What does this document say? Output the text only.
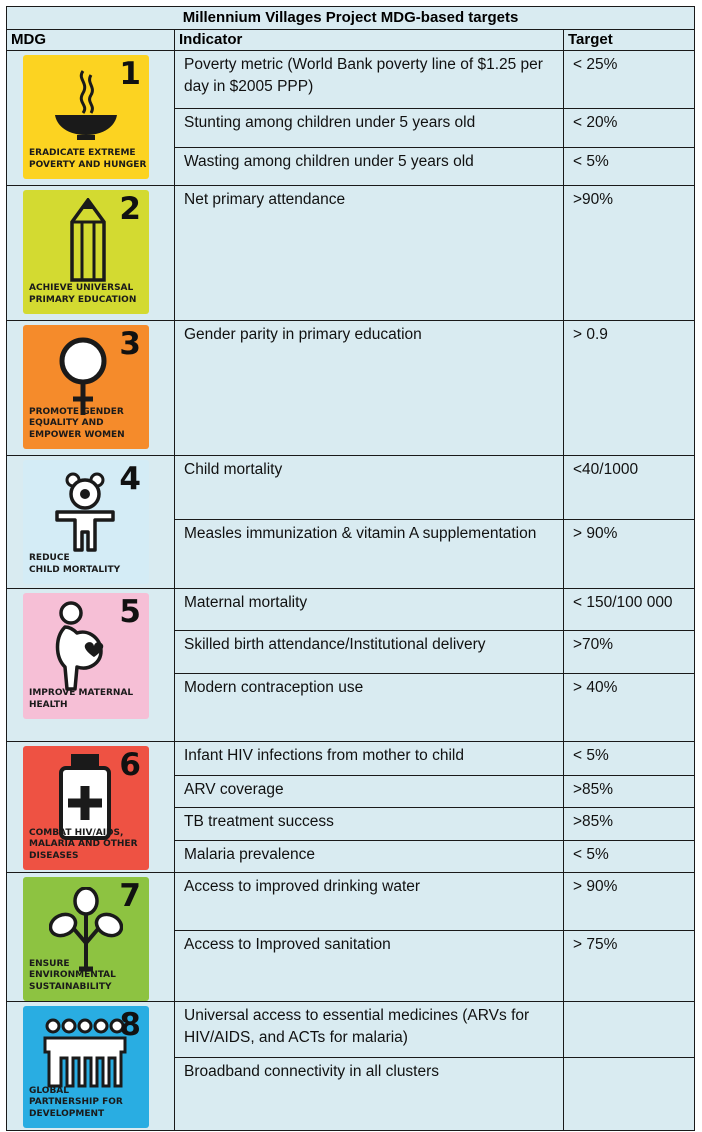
Millennium Villages Project MDG-based targets		
MDG	Indicator	Target

1
ERADICATE EXTREME
POVERTY AND HUNGER	Poverty metric (World Bank poverty line of $1.25 per day in $2005 PPP)	< 25%
	Stunting among children under 5 years old	< 20%
	Wasting among children under 5 years old	< 5%

2
ACHIEVE UNIVERSAL
PRIMARY EDUCATION	Net primary attendance	>90%

3
PROMOTE GENDER
EQUALITY AND
EMPOWER WOMEN	Gender parity in primary education	> 0.9

4
REDUCE
CHILD MORTALITY	Child mortality	<40/1000
	Measles immunization & vitamin A supplementation	> 90%

5
IMPROVE MATERNAL
HEALTH	Maternal mortality	< 150/100 000
	Skilled birth attendance/Institutional delivery	>70%
	Modern contraception use	> 40%

6
COMBAT HIV/AIDS,
MALARIA AND OTHER
DISEASES	Infant HIV infections from mother to child	< 5%
	ARV coverage	>85%
	TB treatment success	>85%
	Malaria prevalence	< 5%

7
ENSURE
ENVIRONMENTAL
SUSTAINABILITY	Access to improved drinking water	> 90%
	Access to Improved sanitation	> 75%

8
GLOBAL
PARTNERSHIP FOR
DEVELOPMENT	Universal access to essential medicines (ARVs for HIV/AIDS, and ACTs for malaria)	
	Broadband connectivity in all clusters	
